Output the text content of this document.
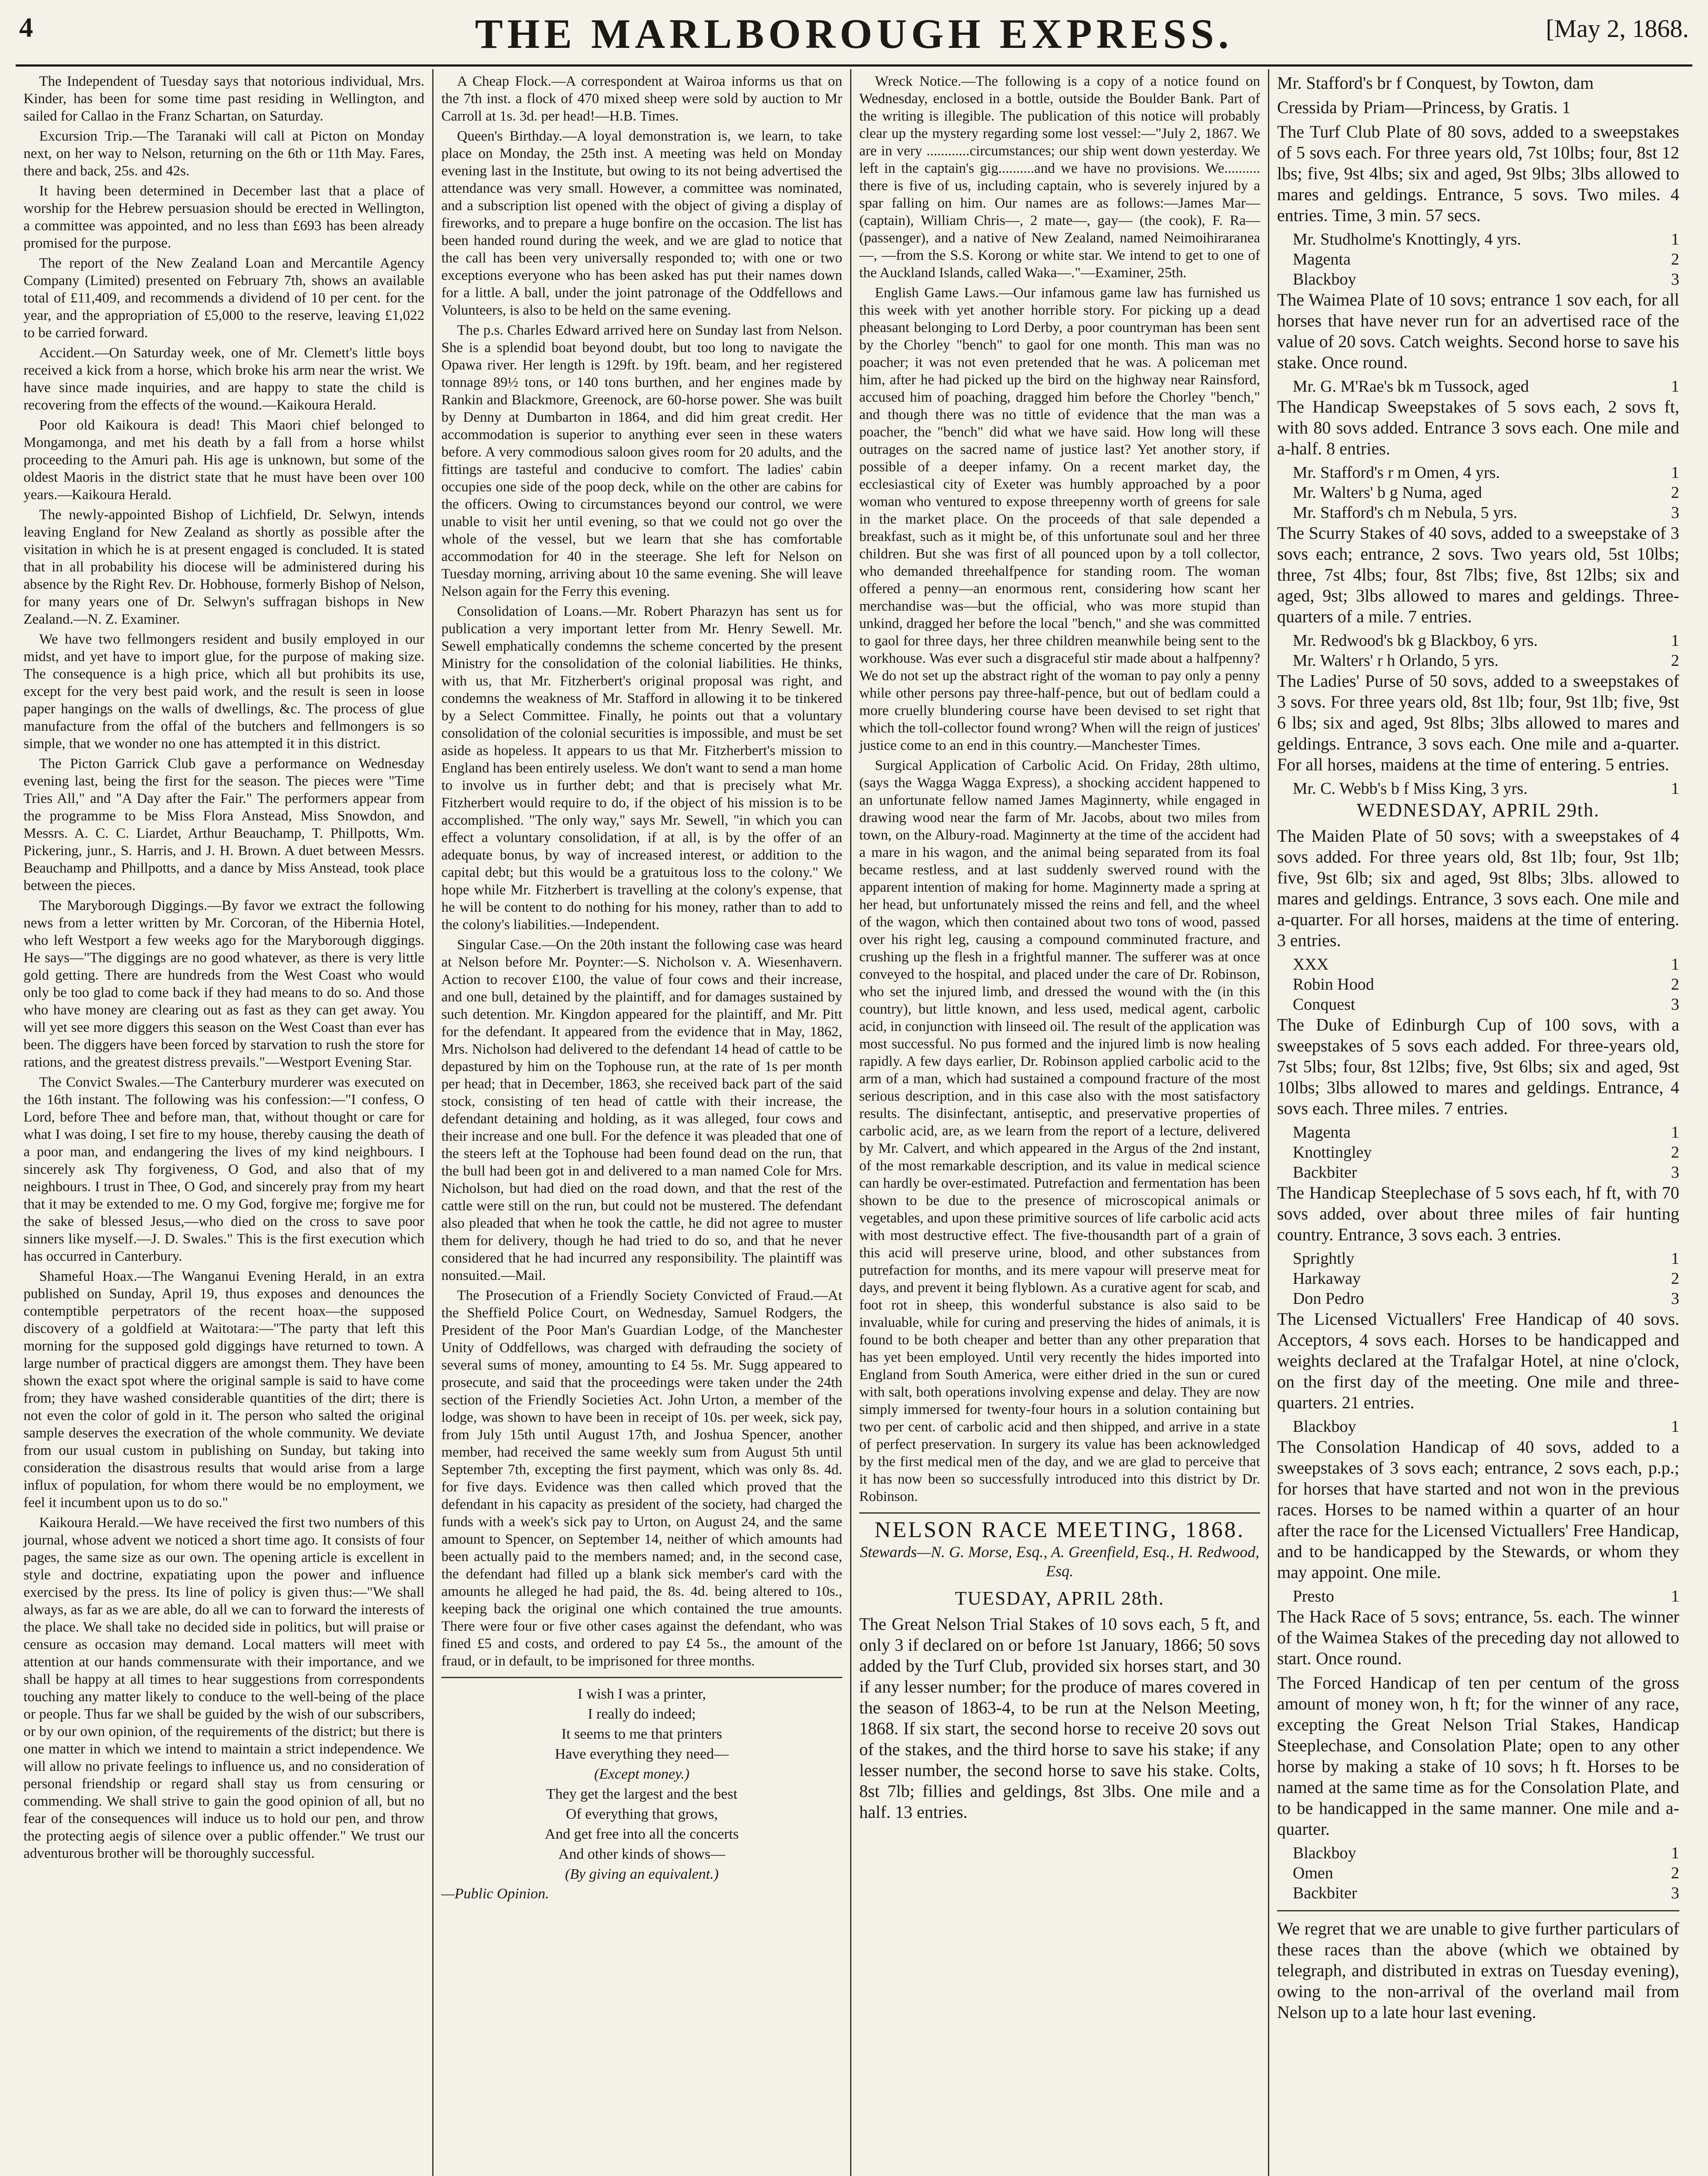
4	THE MARLBOROUGH EXPRESS.	[May 2, 1868.

The Independent of Tuesday says that notorious individual, Mrs. Kinder, has been for some time past residing in Wellington, and sailed for Callao in the Franz Schartan, on Saturday.

Excursion Trip.—The Taranaki will call at Picton on Monday next, on her way to Nelson, returning on the 6th or 11th May. Fares, there and back, 25s. and 42s.

It having been determined in December last that a place of worship for the Hebrew persuasion should be erected in Wellington, a committee was appointed, and no less than £693 has been already promised for the purpose.

The report of the New Zealand Loan and Mercantile Agency Company (Limited) presented on February 7th, shows an available total of £11,409, and recommends a dividend of 10 per cent. for the year, and the appropriation of £5,000 to the reserve, leaving £1,022 to be carried forward.

Accident.—On Saturday week, one of Mr. Clemett's little boys received a kick from a horse, which broke his arm near the wrist. We have since made inquiries, and are happy to state the child is recovering from the effects of the wound.—Kaikoura Herald.

Poor old Kaikoura is dead! This Maori chief belonged to Mongamonga, and met his death by a fall from a horse whilst proceeding to the Amuri pah. His age is unknown, but some of the oldest Maoris in the district state that he must have been over 100 years.—Kaikoura Herald.

The newly-appointed Bishop of Lichfield, Dr. Selwyn, intends leaving England for New Zealand as shortly as possible after the visitation in which he is at present engaged is concluded. It is stated that in all probability his diocese will be administered during his absence by the Right Rev. Dr. Hobhouse, formerly Bishop of Nelson, for many years one of Dr. Selwyn's suffragan bishops in New Zealand.—N. Z. Examiner.

We have two fellmongers resident and busily employed in our midst, and yet have to import glue, for the purpose of making size. The consequence is a high price, which all but prohibits its use, except for the very best paid work, and the result is seen in loose paper hangings on the walls of dwellings, &c. The process of glue manufacture from the offal of the butchers and fellmongers is so simple, that we wonder no one has attempted it in this district.

The Picton Garrick Club gave a performance on Wednesday evening last, being the first for the season. The pieces were "Time Tries All," and "A Day after the Fair." The performers appear from the programme to be Miss Flora Anstead, Miss Snowdon, and Messrs. A. C. C. Liardet, Arthur Beauchamp, T. Phillpotts, Wm. Pickering, junr., S. Harris, and J. H. Brown. A duet between Messrs. Beauchamp and Phillpotts, and a dance by Miss Anstead, took place between the pieces.

The Maryborough Diggings.—By favor we extract the following news from a letter written by Mr. Corcoran, of the Hibernia Hotel, who left Westport a few weeks ago for the Maryborough diggings. He says—"The diggings are no good whatever, as there is very little gold getting. There are hundreds from the West Coast who would only be too glad to come back if they had means to do so. And those who have money are clearing out as fast as they can get away. You will yet see more diggers this season on the West Coast than ever has been. The diggers have been forced by starvation to rush the store for rations, and the greatest distress prevails."—Westport Evening Star.

The Convict Swales.—The Canterbury murderer was executed on the 16th instant. The following was his confession:—"I confess, O Lord, before Thee and before man, that, without thought or care for what I was doing, I set fire to my house, thereby causing the death of a poor man, and endangering the lives of my kind neighbours. I sincerely ask Thy forgiveness, O God, and also that of my neighbours. I trust in Thee, O God, and sincerely pray from my heart that it may be extended to me. O my God, forgive me; forgive me for the sake of blessed Jesus,—who died on the cross to save poor sinners like myself.—J. D. Swales." This is the first execution which has occurred in Canterbury.

Shameful Hoax.—The Wanganui Evening Herald, in an extra published on Sunday, April 19, thus exposes and denounces the contemptible perpetrators of the recent hoax—the supposed discovery of a goldfield at Waitotara:—"The party that left this morning for the supposed gold diggings have returned to town. A large number of practical diggers are amongst them. They have been shown the exact spot where the original sample is said to have come from; they have washed considerable quantities of the dirt; there is not even the color of gold in it. The person who salted the original sample deserves the execration of the whole community. We deviate from our usual custom in publishing on Sunday, but taking into consideration the disastrous results that would arise from a large influx of population, for whom there would be no employment, we feel it incumbent upon us to do so."

Kaikoura Herald.—We have received the first two numbers of this journal, whose advent we noticed a short time ago. It consists of four pages, the same size as our own. The opening article is excellent in style and doctrine, expatiating upon the power and influence exercised by the press. Its line of policy is given thus:—"We shall always, as far as we are able, do all we can to forward the interests of the place. We shall take no decided side in politics, but will praise or censure as occasion may demand. Local matters will meet with attention at our hands commensurate with their importance, and we shall be happy at all times to hear suggestions from correspondents touching any matter likely to conduce to the well-being of the place or people. Thus far we shall be guided by the wish of our subscribers, or by our own opinion, of the requirements of the district; but there is one matter in which we intend to maintain a strict independence. We will allow no private feelings to influence us, and no consideration of personal friendship or regard shall stay us from censuring or commending. We shall strive to gain the good opinion of all, but no fear of the consequences will induce us to hold our pen, and throw the protecting aegis of silence over a public offender." We trust our adventurous brother will be thoroughly successful.

A Cheap Flock.—A correspondent at Wairoa informs us that on the 7th inst. a flock of 470 mixed sheep were sold by auction to Mr Carroll at 1s. 3d. per head!—H.B. Times.

Queen's Birthday.—A loyal demonstration is, we learn, to take place on Monday, the 25th inst. A meeting was held on Monday evening last in the Institute, but owing to its not being advertised the attendance was very small. However, a committee was nominated, and a subscription list opened with the object of giving a display of fireworks, and to prepare a huge bonfire on the occasion. The list has been handed round during the week, and we are glad to notice that the call has been very universally responded to; with one or two exceptions everyone who has been asked has put their names down for a little. A ball, under the joint patronage of the Oddfellows and Volunteers, is also to be held on the same evening.

The p.s. Charles Edward arrived here on Sunday last from Nelson. She is a splendid boat beyond doubt, but too long to navigate the Opawa river. Her length is 129ft. by 19ft. beam, and her registered tonnage 89½ tons, or 140 tons burthen, and her engines made by Rankin and Blackmore, Greenock, are 60-horse power. She was built by Denny at Dumbarton in 1864, and did him great credit. Her accommodation is superior to anything ever seen in these waters before. A very commodious saloon gives room for 20 adults, and the fittings are tasteful and conducive to comfort. The ladies' cabin occupies one side of the poop deck, while on the other are cabins for the officers. Owing to circumstances beyond our control, we were unable to visit her until evening, so that we could not go over the whole of the vessel, but we learn that she has comfortable accommodation for 40 in the steerage. She left for Nelson on Tuesday morning, arriving about 10 the same evening. She will leave Nelson again for the Ferry this evening.

Consolidation of Loans.—Mr. Robert Pharazyn has sent us for publication a very important letter from Mr. Henry Sewell. Mr. Sewell emphatically condemns the scheme concerted by the present Ministry for the consolidation of the colonial liabilities. He thinks, with us, that Mr. Fitzherbert's original proposal was right, and condemns the weakness of Mr. Stafford in allowing it to be tinkered by a Select Committee. Finally, he points out that a voluntary consolidation of the colonial securities is impossible, and must be set aside as hopeless. It appears to us that Mr. Fitzherbert's mission to England has been entirely useless. We don't want to send a man home to involve us in further debt; and that is precisely what Mr. Fitzherbert would require to do, if the object of his mission is to be accomplished. "The only way," says Mr. Sewell, "in which you can effect a voluntary consolidation, if at all, is by the offer of an adequate bonus, by way of increased interest, or addition to the capital debt; but this would be a gratuitous loss to the colony." We hope while Mr. Fitzherbert is travelling at the colony's expense, that he will be content to do nothing for his money, rather than to add to the colony's liabilities.—Independent.

Singular Case.—On the 20th instant the following case was heard at Nelson before Mr. Poynter:—S. Nicholson v. A. Wiesenhavern. Action to recover £100, the value of four cows and their increase, and one bull, detained by the plaintiff, and for damages sustained by such detention. Mr. Kingdon appeared for the plaintiff, and Mr. Pitt for the defendant. It appeared from the evidence that in May, 1862, Mrs. Nicholson had delivered to the defendant 14 head of cattle to be depastured by him on the Tophouse run, at the rate of 1s per month per head; that in December, 1863, she received back part of the said stock, consisting of ten head of cattle with their increase, the defendant detaining and holding, as it was alleged, four cows and their increase and one bull. For the defence it was pleaded that one of the steers left at the Tophouse had been found dead on the run, that the bull had been got in and delivered to a man named Cole for Mrs. Nicholson, but had died on the road down, and that the rest of the cattle were still on the run, but could not be mustered. The defendant also pleaded that when he took the cattle, he did not agree to muster them for delivery, though he had tried to do so, and that he never considered that he had incurred any responsibility. The plaintiff was nonsuited.—Mail.

The Prosecution of a Friendly Society Convicted of Fraud.—At the Sheffield Police Court, on Wednesday, Samuel Rodgers, the President of the Poor Man's Guardian Lodge, of the Manchester Unity of Oddfellows, was charged with defrauding the society of several sums of money, amounting to £4 5s. Mr. Sugg appeared to prosecute, and said that the proceedings were taken under the 24th section of the Friendly Societies Act. John Urton, a member of the lodge, was shown to have been in receipt of 10s. per week, sick pay, from July 15th until August 17th, and Joshua Spencer, another member, had received the same weekly sum from August 5th until September 7th, excepting the first payment, which was only 8s. 4d. for five days. Evidence was then called which proved that the defendant in his capacity as president of the society, had charged the funds with a week's sick pay to Urton, on August 24, and the same amount to Spencer, on September 14, neither of which amounts had been actually paid to the members named; and, in the second case, the defendant had filled up a blank sick member's card with the amounts he alleged he had paid, the 8s. 4d. being altered to 10s., keeping back the original one which contained the true amounts. There were four or five other cases against the defendant, who was fined £5 and costs, and ordered to pay £4 5s., the amount of the fraud, or in default, to be imprisoned for three months.

I wish I was a printer,

I really do indeed;

It seems to me that printers

Have everything they need—

(Except money.)

They get the largest and the best

Of everything that grows,

And get free into all the concerts

And other kinds of shows—

(By giving an equivalent.)

—Public Opinion.

Wreck Notice.—The following is a copy of a notice found on Wednesday, enclosed in a bottle, outside the Boulder Bank. Part of the writing is illegible. The publication of this notice will probably clear up the mystery regarding some lost vessel:—"July 2, 1867. We are in very ............circumstances; our ship went down yesterday. We left in the captain's gig..........and we have no provisions. We.......... there is five of us, including captain, who is severely injured by a spar falling on him. Our names are as follows:—James Mar—(captain), William Chris—, 2 mate—, gay— (the cook), F. Ra— (passenger), and a native of New Zealand, named Neimoihiraranea—, —from the S.S. Korong or white star. We intend to get to one of the Auckland Islands, called Waka—."—Examiner, 25th.

English Game Laws.—Our infamous game law has furnished us this week with yet another horrible story. For picking up a dead pheasant belonging to Lord Derby, a poor countryman has been sent by the Chorley "bench" to gaol for one month. This man was no poacher; it was not even pretended that he was. A policeman met him, after he had picked up the bird on the highway near Rainsford, accused him of poaching, dragged him before the Chorley "bench," and though there was no tittle of evidence that the man was a poacher, the "bench" did what we have said. How long will these outrages on the sacred name of justice last? Yet another story, if possible of a deeper infamy. On a recent market day, the ecclesiastical city of Exeter was humbly approached by a poor woman who ventured to expose threepenny worth of greens for sale in the market place. On the proceeds of that sale depended a breakfast, such as it might be, of this unfortunate soul and her three children. But she was first of all pounced upon by a toll collector, who demanded threehalfpence for standing room. The woman offered a penny—an enormous rent, considering how scant her merchandise was—but the official, who was more stupid than unkind, dragged her before the local "bench," and she was committed to gaol for three days, her three children meanwhile being sent to the workhouse. Was ever such a disgraceful stir made about a halfpenny? We do not set up the abstract right of the woman to pay only a penny while other persons pay three-half-pence, but out of bedlam could a more cruelly blundering course have been devised to set right that which the toll-collector found wrong? When will the reign of justices' justice come to an end in this country.—Manchester Times.

Surgical Application of Carbolic Acid. On Friday, 28th ultimo, (says the Wagga Wagga Express), a shocking accident happened to an unfortunate fellow named James Maginnerty, while engaged in drawing wood near the farm of Mr. Jacobs, about two miles from town, on the Albury-road. Maginnerty at the time of the accident had a mare in his wagon, and the animal being separated from its foal became restless, and at last suddenly swerved round with the apparent intention of making for home. Maginnerty made a spring at her head, but unfortunately missed the reins and fell, and the wheel of the wagon, which then contained about two tons of wood, passed over his right leg, causing a compound comminuted fracture, and crushing up the flesh in a frightful manner. The sufferer was at once conveyed to the hospital, and placed under the care of Dr. Robinson, who set the injured limb, and dressed the wound with the (in this country), but little known, and less used, medical agent, carbolic acid, in conjunction with linseed oil. The result of the application was most successful. No pus formed and the injured limb is now healing rapidly. A few days earlier, Dr. Robinson applied carbolic acid to the arm of a man, which had sustained a compound fracture of the most serious description, and in this case also with the most satisfactory results. The disinfectant, antiseptic, and preservative properties of carbolic acid, are, as we learn from the report of a lecture, delivered by Mr. Calvert, and which appeared in the Argus of the 2nd instant, of the most remarkable description, and its value in medical science can hardly be over-estimated. Putrefaction and fermentation has been shown to be due to the presence of microscopical animals or vegetables, and upon these primitive sources of life carbolic acid acts with most destructive effect. The five-thousandth part of a grain of this acid will preserve urine, blood, and other substances from putrefaction for months, and its mere vapour will preserve meat for days, and prevent it being flyblown. As a curative agent for scab, and foot rot in sheep, this wonderful substance is also said to be invaluable, while for curing and preserving the hides of animals, it is found to be both cheaper and better than any other preparation that has yet been employed. Until very recently the hides imported into England from South America, were either dried in the sun or cured with salt, both operations involving expense and delay. They are now simply immersed for twenty-four hours in a solution containing but two per cent. of carbolic acid and then shipped, and arrive in a state of perfect preservation. In surgery its value has been acknowledged by the first medical men of the day, and we are glad to perceive that it has now been so successfully introduced into this district by Dr. Robinson.

NELSON RACE MEETING, 1868.

Stewards—N. G. Morse, Esq., A. Greenfield, Esq., H. Redwood, Esq.

TUESDAY, APRIL 28th.

The Great Nelson Trial Stakes of 10 sovs each, 5 ft, and only 3 if declared on or before 1st January, 1866; 50 sovs added by the Turf Club, provided six horses start, and 30 if any lesser number; for the produce of mares covered in the season of 1863-4, to be run at the Nelson Meeting, 1868. If six start, the second horse to receive 20 sovs out of the stakes, and the third horse to save his stake; if any lesser number, the second horse to save his stake. Colts, 8st 7lb; fillies and geldings, 8st 3lbs. One mile and a half. 13 entries.

Mr. Stafford's br f Conquest, by Towton, dam

Cressida by Priam—Princess, by Gratis. 1

The Turf Club Plate of 80 sovs, added to a sweepstakes of 5 sovs each. For three years old, 7st 10lbs; four, 8st 12 lbs; five, 9st 4lbs; six and aged, 9st 9lbs; 3lbs allowed to mares and geldings. Entrance, 5 sovs. Two miles. 4 entries. Time, 3 min. 57 secs.

Mr. Studholme's Knottingly, 4 yrs.	1
Magenta	2
Blackboy	3

The Waimea Plate of 10 sovs; entrance 1 sov each, for all horses that have never run for an advertised race of the value of 20 sovs. Catch weights. Second horse to save his stake. Once round.

Mr. G. M'Rae's bk m Tussock, aged	1

The Handicap Sweepstakes of 5 sovs each, 2 sovs ft, with 80 sovs added. Entrance 3 sovs each. One mile and a-half. 8 entries.

Mr. Stafford's r m Omen, 4 yrs.	1
Mr. Walters' b g Numa, aged	2
Mr. Stafford's ch m Nebula, 5 yrs.	3

The Scurry Stakes of 40 sovs, added to a sweepstake of 3 sovs each; entrance, 2 sovs. Two years old, 5st 10lbs; three, 7st 4lbs; four, 8st 7lbs; five, 8st 12lbs; six and aged, 9st; 3lbs allowed to mares and geldings. Three-quarters of a mile. 7 entries.

Mr. Redwood's bk g Blackboy, 6 yrs.	1
Mr. Walters' r h Orlando, 5 yrs.	2

The Ladies' Purse of 50 sovs, added to a sweepstakes of 3 sovs. For three years old, 8st 1lb; four, 9st 1lb; five, 9st 6 lbs; six and aged, 9st 8lbs; 3lbs allowed to mares and geldings. Entrance, 3 sovs each. One mile and a-quarter. For all horses, maidens at the time of entering. 5 entries.

Mr. C. Webb's b f Miss King, 3 yrs.	1

WEDNESDAY, APRIL 29th.

The Maiden Plate of 50 sovs; with a sweepstakes of 4 sovs added. For three years old, 8st 1lb; four, 9st 1lb; five, 9st 6lb; six and aged, 9st 8lbs; 3lbs. allowed to mares and geldings. Entrance, 3 sovs each. One mile and a-quarter. For all horses, maidens at the time of entering. 3 entries.

XXX	1
Robin Hood	2
Conquest	3

The Duke of Edinburgh Cup of 100 sovs, with a sweepstakes of 5 sovs each added. For three-years old, 7st 5lbs; four, 8st 12lbs; five, 9st 6lbs; six and aged, 9st 10lbs; 3lbs allowed to mares and geldings. Entrance, 4 sovs each. Three miles. 7 entries.

Magenta	1
Knottingley	2
Backbiter	3

The Handicap Steeplechase of 5 sovs each, hf ft, with 70 sovs added, over about three miles of fair hunting country. Entrance, 3 sovs each. 3 entries.

Sprightly	1
Harkaway	2
Don Pedro	3

The Licensed Victuallers' Free Handicap of 40 sovs. Acceptors, 4 sovs each. Horses to be handicapped and weights declared at the Trafalgar Hotel, at nine o'clock, on the first day of the meeting. One mile and three-quarters. 21 entries.

Blackboy	1

The Consolation Handicap of 40 sovs, added to a sweepstakes of 3 sovs each; entrance, 2 sovs each, p.p.; for horses that have started and not won in the previous races. Horses to be named within a quarter of an hour after the race for the Licensed Victuallers' Free Handicap, and to be handicapped by the Stewards, or whom they may appoint. One mile.

Presto	1

The Hack Race of 5 sovs; entrance, 5s. each. The winner of the Waimea Stakes of the preceding day not allowed to start. Once round.

The Forced Handicap of ten per centum of the gross amount of money won, h ft; for the winner of any race, excepting the Great Nelson Trial Stakes, Handicap Steeplechase, and Consolation Plate; open to any other horse by making a stake of 10 sovs; h ft. Horses to be named at the same time as for the Consolation Plate, and to be handicapped in the same manner. One mile and a-quarter.

Blackboy	1
Omen	2
Backbiter	3

We regret that we are unable to give further particulars of these races than the above (which we obtained by telegraph, and distributed in extras on Tuesday evening), owing to the non-arrival of the overland mail from Nelson up to a late hour last evening.
